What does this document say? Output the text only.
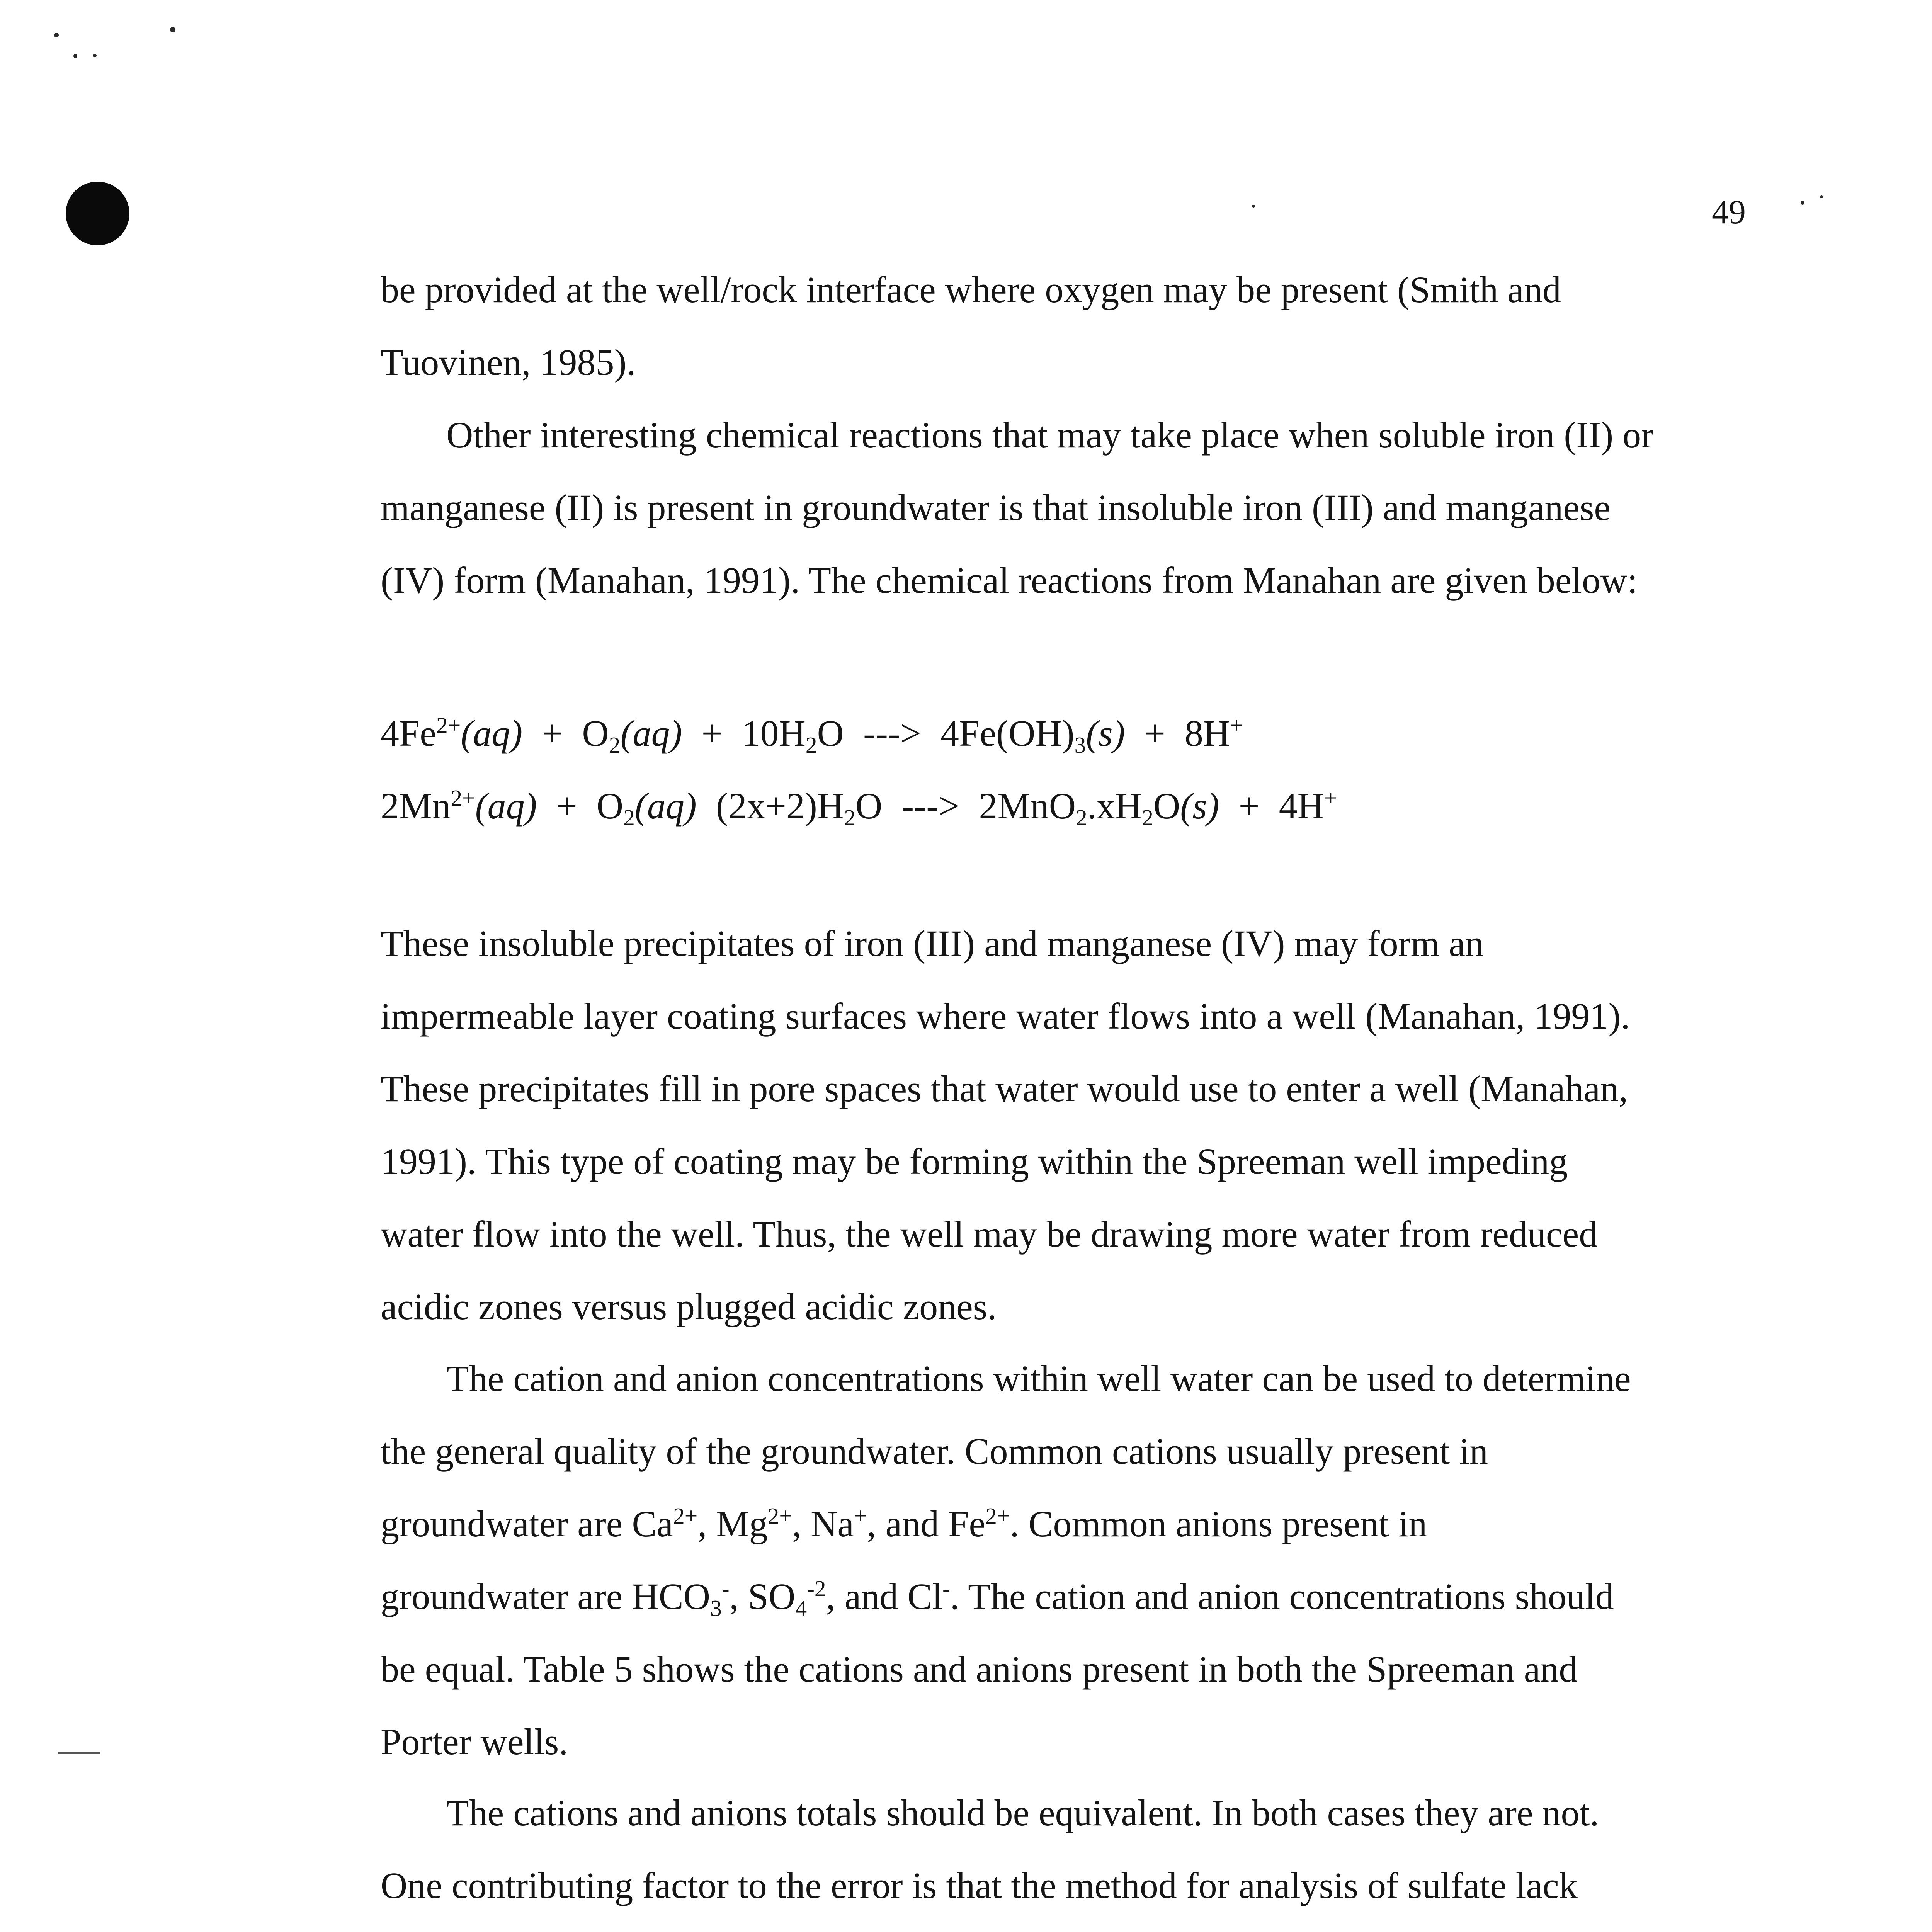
49
be provided at the well/rock interface where oxygen may be present (Smith and
Tuovinen, 1985).
Other interesting chemical reactions that may take place when soluble iron (II) or
manganese (II) is present in groundwater is that insoluble iron (III) and manganese
(IV) form (Manahan, 1991). The chemical reactions from Manahan are given below:
$4Fe^{2+}(aq) + O_2(aq) + 10H_2O$ ---> $4Fe(OH)_3(s) + 8H^+$
$2Mn^{2+}(aq) + O_2(aq)$ $(2x+2)H_2O$ ---> $2MnO_2.xH_2O(s) + 4H^+$
These insoluble precipitates of iron (III) and manganese (IV) may form an
impermeable layer coating surfaces where water flows into a well (Manahan, 1991).
These precipitates fill in pore spaces that water would use to enter a well (Manahan,
1991). This type of coating may be forming within the Spreeman well impeding
water flow into the well. Thus, the well may be drawing more water from reduced
acidic zones versus plugged acidic zones.
The cation and anion concentrations within well water can be used to determine
the general quality of the groundwater. Common cations usually present in
groundwater are $Ca^{2+}$, $Mg^{2+}$, Na+, and $Fe^{2+}$. Common anions present in
groundwater are $HCO_3^-$, $SO_4^{-2}$, and Cl-. The cation and anion concentrations should
be equal. Table 5 shows the cations and anions present in both the Spreeman and
Porter wells.
The cations and anions totals should be equivalent. In both cases they are not.
One contributing factor to the error is that the method for analysis of sulfate lack
